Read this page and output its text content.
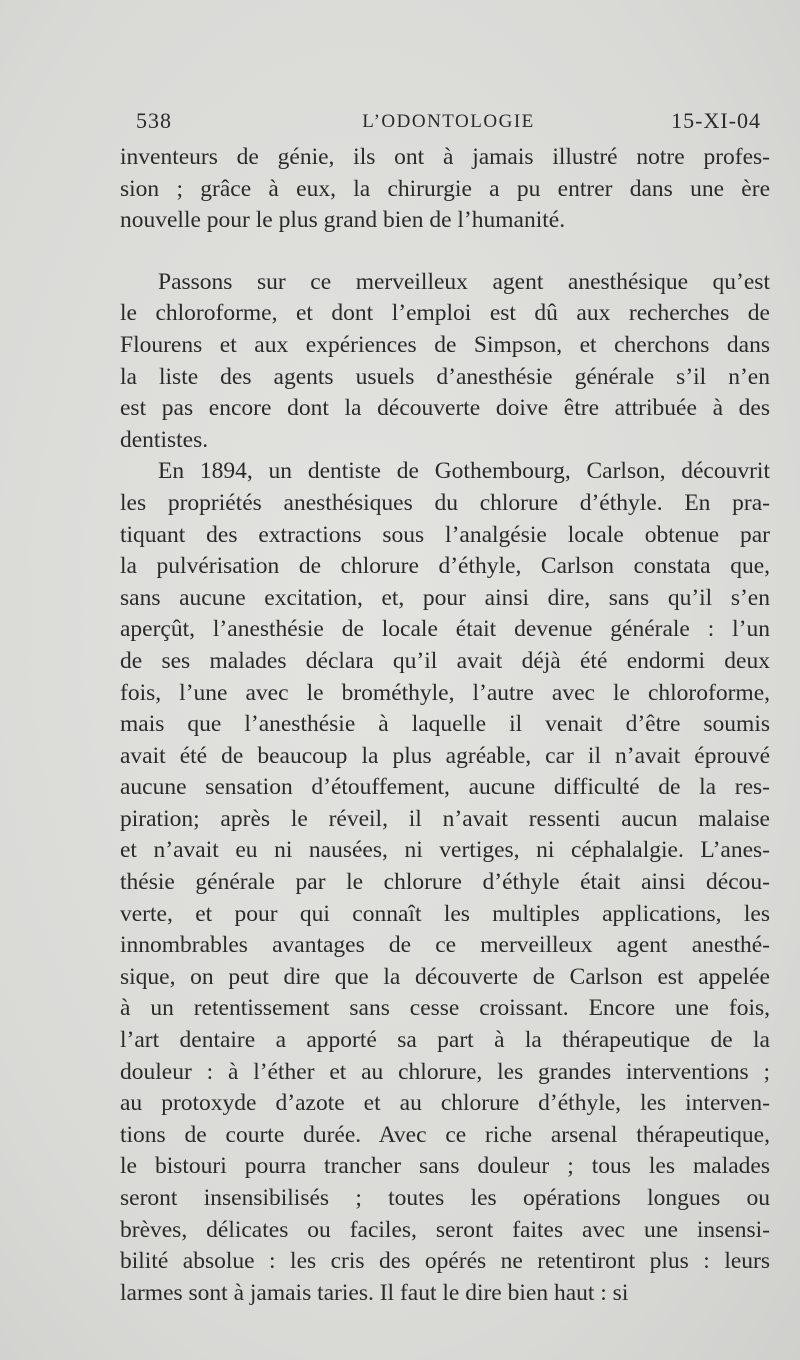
538	L’ODONTOLOGIE	15-XI-04
inventeurs de génie, ils ont à jamais illustré notre profes-
sion ; grâce à eux, la chirurgie a pu entrer dans une ère
nouvelle pour le plus grand bien de l’humanité.
Passons sur ce merveilleux agent anesthésique qu’est
le chloroforme, et dont l’emploi est dû aux recherches de
Flourens et aux expériences de Simpson, et cherchons dans
la liste des agents usuels d’anesthésie générale s’il n’en
est pas encore dont la découverte doive être attribuée à des
dentistes.
En 1894, un dentiste de Gothembourg, Carlson, découvrit
les propriétés anesthésiques du chlorure d’éthyle. En pra-
tiquant des extractions sous l’analgésie locale obtenue par
la pulvérisation de chlorure d’éthyle, Carlson constata que,
sans aucune excitation, et, pour ainsi dire, sans qu’il s’en
aperçût, l’anesthésie de locale était devenue générale : l’un
de ses malades déclara qu’il avait déjà été endormi deux
fois, l’une avec le brométhyle, l’autre avec le chloroforme,
mais que l’anesthésie à laquelle il venait d’être soumis
avait été de beaucoup la plus agréable, car il n’avait éprouvé
aucune sensation d’étouffement, aucune difficulté de la res-
piration; après le réveil, il n’avait ressenti aucun malaise
et n’avait eu ni nausées, ni vertiges, ni céphalalgie. L’anes-
thésie générale par le chlorure d’éthyle était ainsi décou-
verte, et pour qui connaît les multiples applications, les
innombrables avantages de ce merveilleux agent anesthé-
sique, on peut dire que la découverte de Carlson est appelée
à un retentissement sans cesse croissant. Encore une fois,
l’art dentaire a apporté sa part à la thérapeutique de la
douleur : à l’éther et au chlorure, les grandes interventions ;
au protoxyde d’azote et au chlorure d’éthyle, les interven-
tions de courte durée. Avec ce riche arsenal thérapeutique,
le bistouri pourra trancher sans douleur ; tous les malades
seront insensibilisés ; toutes les opérations longues ou
brèves, délicates ou faciles, seront faites avec une insensi-
bilité absolue : les cris des opérés ne retentiront plus : leurs
larmes sont à jamais taries. Il faut le dire bien haut : si
